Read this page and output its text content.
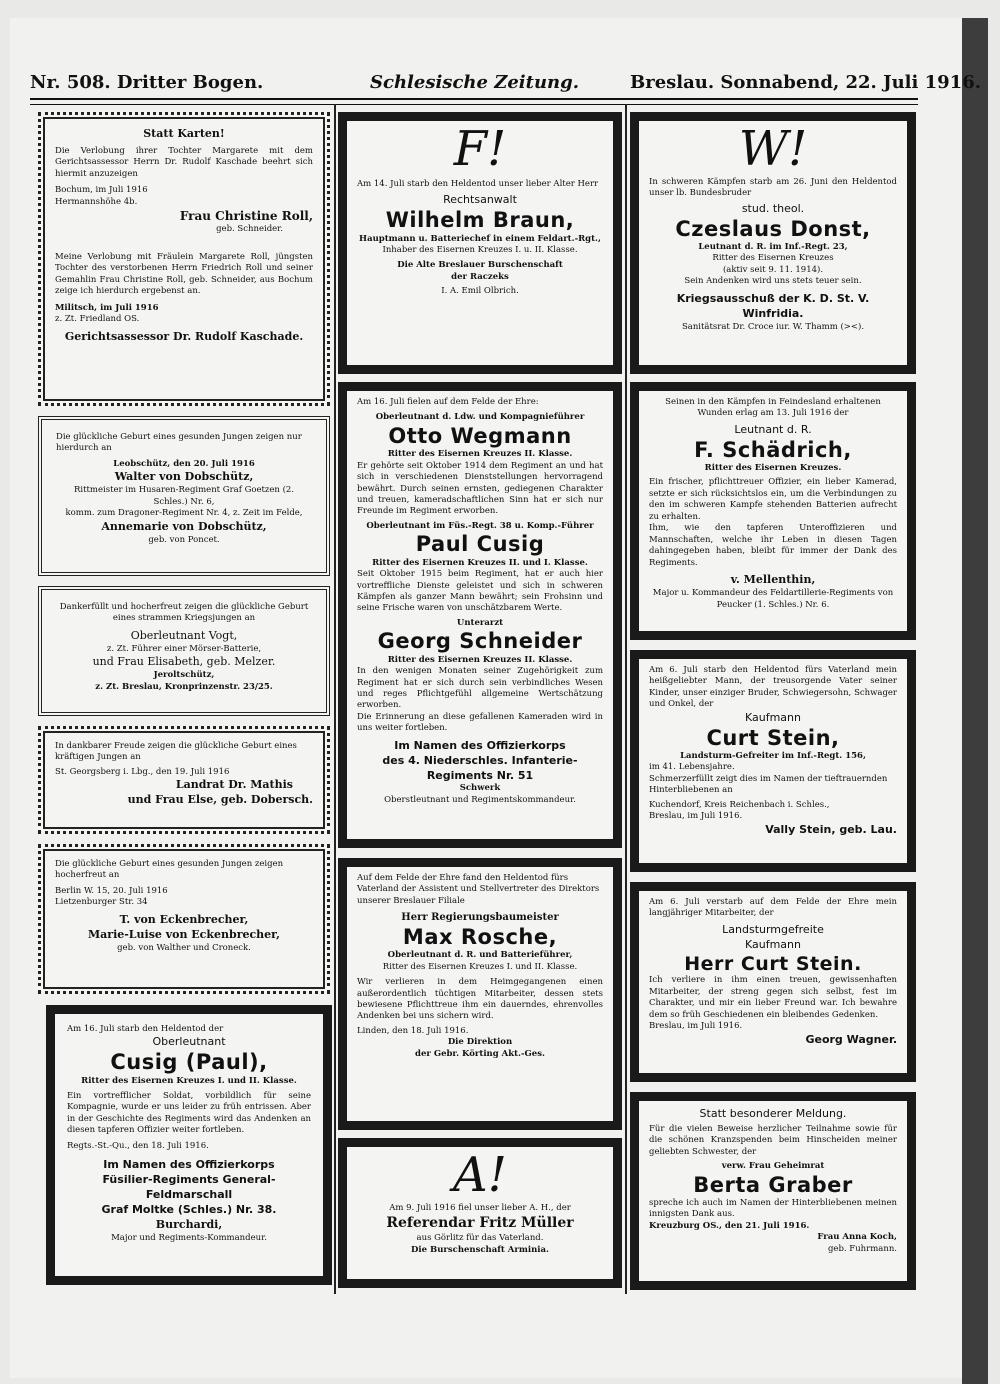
Nr. 508. Dritter Bogen.	Schlesische Zeitung.	Breslau. Sonnabend, 22. Juli 1916.

Statt Karten!

Die Verlobung ihrer Tochter Margarete mit dem Gerichtsassessor Herrn Dr. Rudolf Kaschade beehrt sich hiermit anzuzeigen

Bochum, im Juli 1916

Hermannshöhe 4b.

Frau Christine Roll,

geb. Schneider.

Meine Verlobung mit Fräulein Margarete Roll, jüngsten Tochter des verstorbenen Herrn Friedrich Roll und seiner Gemahlin Frau Christine Roll, geb. Schneider, aus Bochum zeige ich hierdurch ergebenst an.

Militsch, im Juli 1916

z. Zt. Friedland OS.

Gerichtsassessor Dr. Rudolf Kaschade.

Die glückliche Geburt eines gesunden Jungen zeigen nur hierdurch an

Leobschütz, den 20. Juli 1916

Walter von Dobschütz,

Rittmeister im Husaren-Regiment Graf Goetzen (2. Schles.) Nr. 6,

komm. zum Dragoner-Regiment Nr. 4, z. Zeit im Felde,

Annemarie von Dobschütz,

geb. von Poncet.

Dankerfüllt und hocherfreut zeigen die glückliche Geburt eines strammen Kriegsjungen an

Oberleutnant Vogt,

z. Zt. Führer einer Mörser-Batterie,

und Frau Elisabeth, geb. Melzer.

Jeroltschütz,

z. Zt. Breslau, Kronprinzenstr. 23/25.

In dankbarer Freude zeigen die glückliche Geburt eines kräftigen Jungen an

St. Georgsberg i. Lbg., den 19. Juli 1916

Landrat Dr. Mathis

und Frau Else, geb. Dobersch.

Die glückliche Geburt eines gesunden Jungen zeigen hocherfreut an

Berlin W. 15, 20. Juli 1916

Lietzenburger Str. 34

T. von Eckenbrecher,

Marie-Luise von Eckenbrecher,

geb. von Walther und Croneck.

Am 16. Juli starb den Heldentod der

Oberleutnant

Cusig (Paul),

Ritter des Eisernen Kreuzes I. und II. Klasse.

Ein vortrefflicher Soldat, vorbildlich für seine Kompagnie, wurde er uns leider zu früh entrissen. Aber in der Geschichte des Regiments wird das Andenken an diesen tapferen Offizier weiter fortleben.

Regts.-St.-Qu., den 18. Juli 1916.

Im Namen des Offizierkorps

Füsilier-Regiments General-Feldmarschall

Graf Moltke (Schles.) Nr. 38.

Burchardi,

Major und Regiments-Kommandeur.

F!

Am 14. Juli starb den Heldentod unser lieber Alter Herr

Rechtsanwalt

Wilhelm Braun,

Hauptmann u. Batteriechef in einem Feldart.-Rgt.,

Inhaber des Eisernen Kreuzes I. u. II. Klasse.

Die Alte Breslauer Burschenschaft

der Raczeks

I. A. Emil Olbrich.

Am 16. Juli fielen auf dem Felde der Ehre:

Oberleutnant d. Ldw. und Kompagnieführer

Otto Wegmann

Ritter des Eisernen Kreuzes II. Klasse.

Er gehörte seit Oktober 1914 dem Regiment an und hat sich in verschiedenen Dienststellungen hervorragend bewährt. Durch seinen ernsten, gediegenen Charakter und treuen, kameradschaftlichen Sinn hat er sich nur Freunde im Regiment erworben.

Oberleutnant im Füs.-Regt. 38 u. Komp.-Führer

Paul Cusig

Ritter des Eisernen Kreuzes II. und I. Klasse.

Seit Oktober 1915 beim Regiment, hat er auch hier vortreffliche Dienste geleistet und sich in schweren Kämpfen als ganzer Mann bewährt; sein Frohsinn und seine Frische waren von unschätzbarem Werte.

Unterarzt

Georg Schneider

Ritter des Eisernen Kreuzes II. Klasse.

In den wenigen Monaten seiner Zugehörigkeit zum Regiment hat er sich durch sein verbindliches Wesen und reges Pflichtgefühl allgemeine Wertschätzung erworben.

Die Erinnerung an diese gefallenen Kameraden wird in uns weiter fortleben.

Im Namen des Offizierkorps

des 4. Niederschles. Infanterie-Regiments Nr. 51

Schwerk

Oberstleutnant und Regimentskommandeur.

Auf dem Felde der Ehre fand den Heldentod fürs Vaterland der Assistent und Stellvertreter des Direktors unserer Breslauer Filiale

Herr Regierungsbaumeister

Max Rosche,

Oberleutnant d. R. und Batterieführer,

Ritter des Eisernen Kreuzes I. und II. Klasse.

Wir verlieren in dem Heimgegangenen einen außerordentlich tüchtigen Mitarbeiter, dessen stets bewiesene Pflichttreue ihm ein dauerndes, ehrenvolles Andenken bei uns sichern wird.

Linden, den 18. Juli 1916.

Die Direktion

der Gebr. Körting Akt.-Ges.

A!

Am 9. Juli 1916 fiel unser lieber A. H., der

Referendar Fritz Müller

aus Görlitz für das Vaterland.

Die Burschenschaft Arminia.

W!

In schweren Kämpfen starb am 26. Juni den Heldentod unser lb. Bundesbruder

stud. theol.

Czeslaus Donst,

Leutnant d. R. im Inf.-Regt. 23,

Ritter des Eisernen Kreuzes

(aktiv seit 9. 11. 1914).

Sein Andenken wird uns stets teuer sein.

Kriegsausschuß der K. D. St. V. Winfridia.

Sanitätsrat Dr. Croce iur. W. Thamm (><).

Seinen in den Kämpfen in Feindesland erhaltenen Wunden erlag am 13. Juli 1916 der

Leutnant d. R.

F. Schädrich,

Ritter des Eisernen Kreuzes.

Ein frischer, pflichttreuer Offizier, ein lieber Kamerad, setzte er sich rücksichtslos ein, um die Verbindungen zu den im schweren Kampfe stehenden Batterien aufrecht zu erhalten.

Ihm, wie den tapferen Unteroffizieren und Mannschaften, welche ihr Leben in diesen Tagen dahingegeben haben, bleibt für immer der Dank des Regiments.

v. Mellenthin,

Major u. Kommandeur des Feldartillerie-Regiments von Peucker (1. Schles.) Nr. 6.

Am 6. Juli starb den Heldentod fürs Vaterland mein heißgeliebter Mann, der treusorgende Vater seiner Kinder, unser einziger Bruder, Schwiegersohn, Schwager und Onkel, der

Kaufmann

Curt Stein,

Landsturm-Gefreiter im Inf.-Regt. 156,

im 41. Lebensjahre.

Schmerzerfüllt zeigt dies im Namen der tieftrauernden Hinterbliebenen an

Kuchendorf, Kreis Reichenbach i. Schles.,

Breslau, im Juli 1916.

Vally Stein, geb. Lau.

Am 6. Juli verstarb auf dem Felde der Ehre mein langjähriger Mitarbeiter, der

Landsturmgefreite

Kaufmann

Herr Curt Stein.

Ich verliere in ihm einen treuen, gewissenhaften Mitarbeiter, der streng gegen sich selbst, fest im Charakter, und mir ein lieber Freund war. Ich bewahre dem so früh Geschiedenen ein bleibendes Gedenken.

Breslau, im Juli 1916.

Georg Wagner.

Statt besonderer Meldung.

Für die vielen Beweise herzlicher Teilnahme sowie für die schönen Kranzspenden beim Hinscheiden meiner geliebten Schwester, der

verw. Frau Geheimrat

Berta Graber

spreche ich auch im Namen der Hinterbliebenen meinen innigsten Dank aus.

Kreuzburg OS., den 21. Juli 1916.

Frau Anna Koch,

geb. Fuhrmann.
